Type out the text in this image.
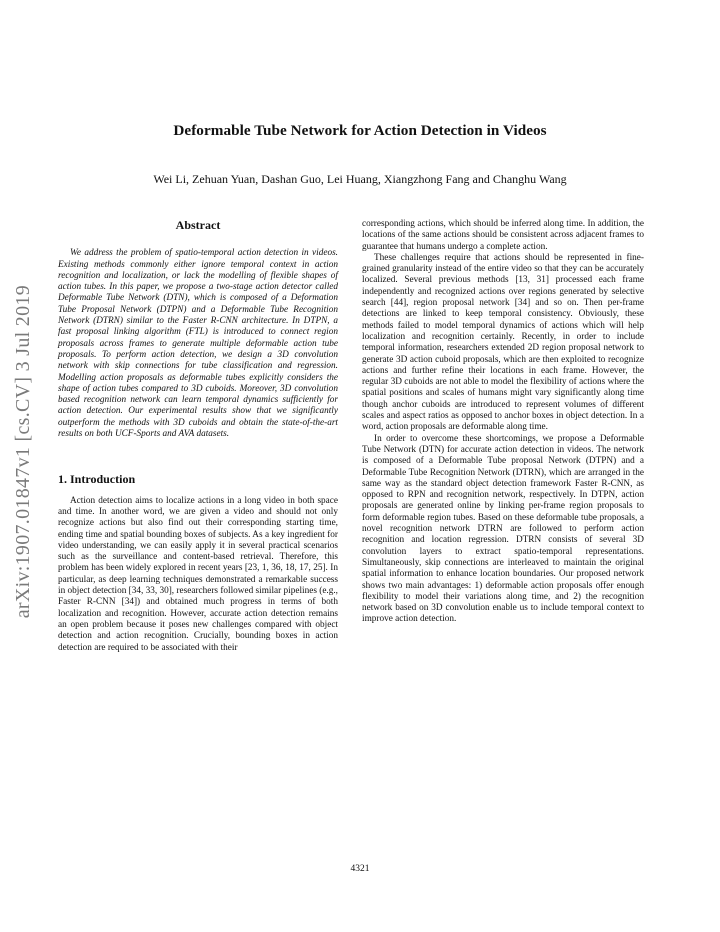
arXiv:1907.01847v1 [cs.CV] 3 Jul 2019
Deformable Tube Network for Action Detection in Videos
Wei Li, Zehuan Yuan, Dashan Guo, Lei Huang, Xiangzhong Fang and Changhu Wang
Abstract

We address the problem of spatio-temporal action detection in videos. Existing methods commonly either ignore temporal context in action recognition and localization, or lack the modelling of flexible shapes of action tubes. In this paper, we propose a two-stage action detector called Deformable Tube Network (DTN), which is composed of a Deformation Tube Proposal Network (DTPN) and a Deformable Tube Recognition Network (DTRN) similar to the Faster R-CNN architecture. In DTPN, a fast proposal linking algorithm (FTL) is introduced to connect region proposals across frames to generate multiple deformable action tube proposals. To perform action detection, we design a 3D convolution network with skip connections for tube classification and regression. Modelling action proposals as deformable tubes explicitly considers the shape of action tubes compared to 3D cuboids. Moreover, 3D convolution based recognition network can learn temporal dynamics sufficiently for action detection. Our experimental results show that we significantly outperform the methods with 3D cuboids and obtain the state-of-the-art results on both UCF-Sports and AVA datasets.

1. Introduction

Action detection aims to localize actions in a long video in both space and time. In another word, we are given a video and should not only recognize actions but also find out their corresponding starting time, ending time and spatial bounding boxes of subjects. As a key ingredient for video understanding, we can easily apply it in several practical scenarios such as the surveillance and content-based retrieval. Therefore, this problem has been widely explored in recent years [23, 1, 36, 18, 17, 25]. In particular, as deep learning techniques demonstrated a remarkable success in object detection [34, 33, 30], researchers followed similar pipelines (e.g., Faster R-CNN [34]) and obtained much progress in terms of both localization and recognition. However, accurate action detection remains an open problem because it poses new challenges compared with object detection and action recognition. Crucially, bounding boxes in action detection are required to be associated with their

corresponding actions, which should be inferred along time. In addition, the locations of the same actions should be consistent across adjacent frames to guarantee that humans undergo a complete action.

These challenges require that actions should be represented in fine-grained granularity instead of the entire video so that they can be accurately localized. Several previous methods [13, 31] processed each frame independently and recognized actions over regions generated by selective search [44], region proposal network [34] and so on. Then per-frame detections are linked to keep temporal consistency. Obviously, these methods failed to model temporal dynamics of actions which will help localization and recognition certainly. Recently, in order to include temporal information, researchers extended 2D region proposal network to generate 3D action cuboid proposals, which are then exploited to recognize actions and further refine their locations in each frame. However, the regular 3D cuboids are not able to model the flexibility of actions where the spatial positions and scales of humans might vary significantly along time though anchor cuboids are introduced to represent volumes of different scales and aspect ratios as opposed to anchor boxes in object detection. In a word, action proposals are deformable along time.

In order to overcome these shortcomings, we propose a Deformable Tube Network (DTN) for accurate action detection in videos. The network is composed of a Deformable Tube proposal Network (DTPN) and a Deformable Tube Recognition Network (DTRN), which are arranged in the same way as the standard object detection framework Faster R-CNN, as opposed to RPN and recognition network, respectively. In DTPN, action proposals are generated online by linking per-frame region proposals to form deformable region tubes. Based on these deformable tube proposals, a novel recognition network DTRN are followed to perform action recognition and location regression. DTRN consists of several 3D convolution layers to extract spatio-temporal representations. Simultaneously, skip connections are interleaved to maintain the original spatial information to enhance location boundaries. Our proposed network shows two main advantages: 1) deformable action proposals offer enough flexibility to model their variations along time, and 2) the recognition network based on 3D convolution enable us to include temporal context to improve action detection.

4321
